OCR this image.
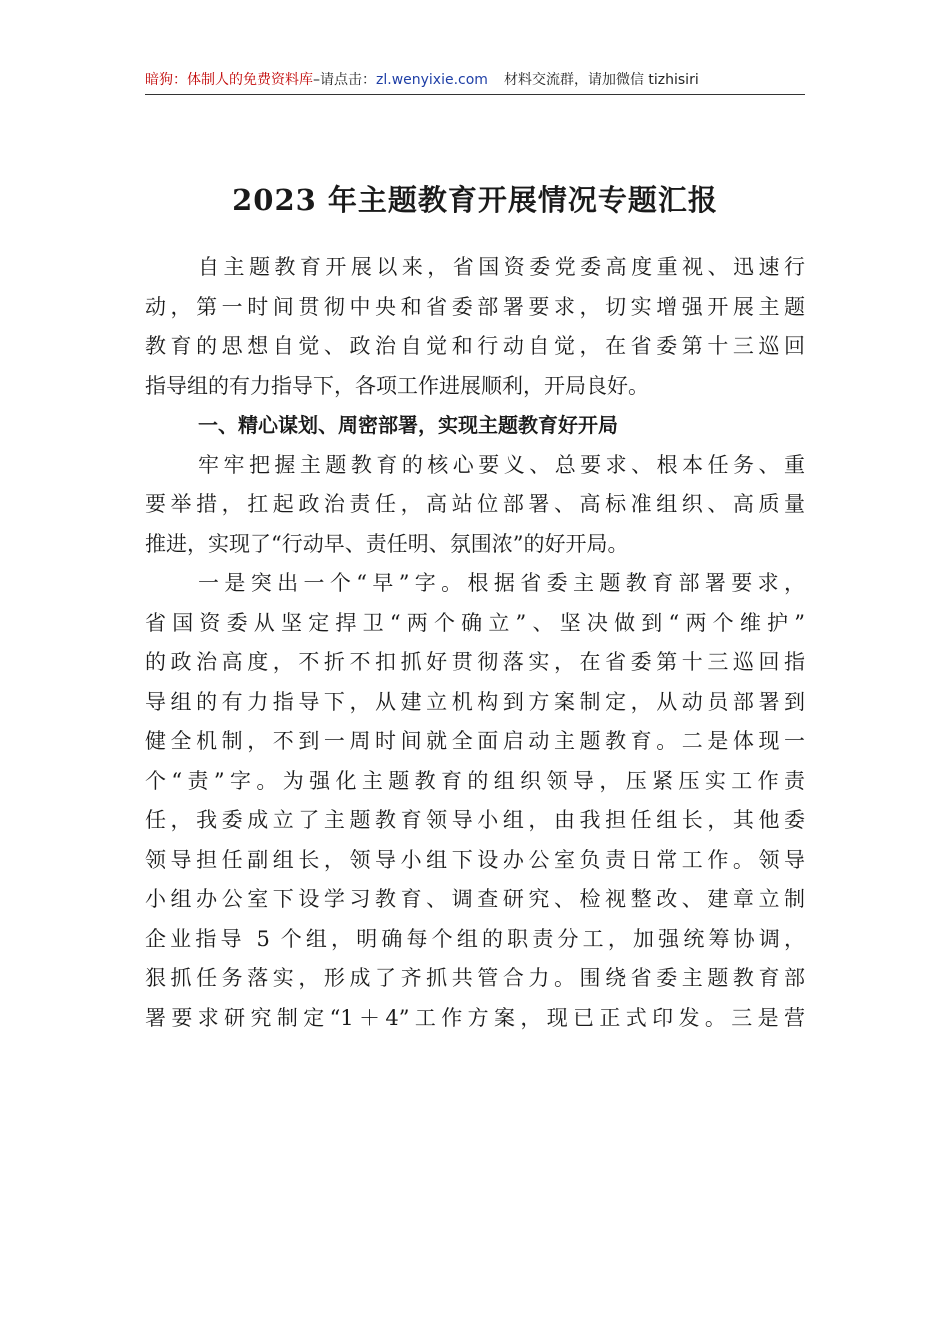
暗狗：体制人的免费资料库 –请点击： zl.wenyixie.com 材料交流群，请加微信 tizhisiri
2023 年主题教育开展情况专题汇报
自主题教育开展以来，省国资委党委高度重视、迅速行
动，第一时间贯彻中央和省委部署要求，切实增强开展主题
教育的思想自觉、政治自觉和行动自觉，在省委第十三巡回
指导组的有力指导下，各项工作进展顺利，开局良好。
一、精心谋划、周密部署，实现主题教育好开局
牢牢把握主题教育的核心要义、总要求、根本任务、重
要举措，扛起政治责任，高站位部署、高标准组织、高质量
推进，实现了“行动早、责任明、氛围浓”的好开局。
一是突出一个“早”字。根据省委主题教育部署要求，
省国资委从坚定捍卫“两个确立”、坚决做到“两个维护”
的政治高度，不折不扣抓好贯彻落实，在省委第十三巡回指
导组的有力指导下，从建立机构到方案制定，从动员部署到
健全机制，不到一周时间就全面启动主题教育。二是体现一
个“责”字。为强化主题教育的组织领导，压紧压实工作责
任，我委成立了主题教育领导小组，由我担任组长，其他委
领导担任副组长，领导小组下设办公室负责日常工作。领导
小组办公室下设学习教育、调查研究、检视整改、建章立制
企业指导 5 个组，明确每个组的职责分工，加强统筹协调，
狠抓任务落实，形成了齐抓共管合力。围绕省委主题教育部
署要求研究制定“1＋4”工作方案，现已正式印发。三是营
